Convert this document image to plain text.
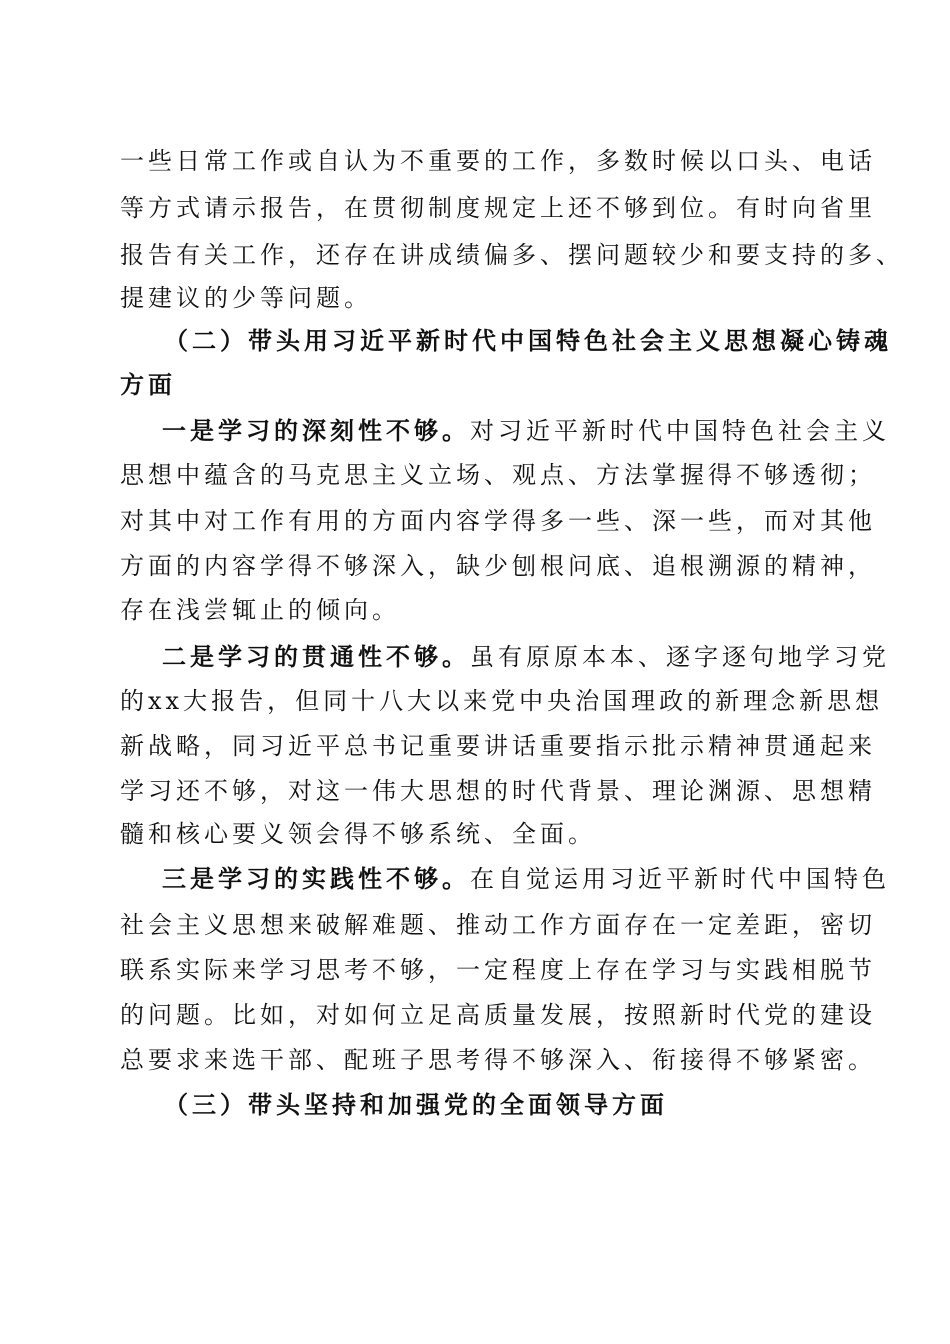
一些日常工作或自认为不重要的工作，多数时候以口头、电话
等方式请示报告，在贯彻制度规定上还不够到位。有时向省里
报告有关工作，还存在讲成绩偏多、摆问题较少和要支持的多、
提建议的少等问题。
（二）带头用习近平新时代中国特色社会主义思想凝心铸魂
方面
一是学习的深刻性不够。对习近平新时代中国特色社会主义
思想中蕴含的马克思主义立场、观点、方法掌握得不够透彻；
对其中对工作有用的方面内容学得多一些、深一些，而对其他
方面的内容学得不够深入，缺少刨根问底、追根溯源的精神，
存在浅尝辄止的倾向。
二是学习的贯通性不够。虽有原原本本、逐字逐句地学习党
的xx大报告，但同十八大以来党中央治国理政的新理念新思想
新战略，同习近平总书记重要讲话重要指示批示精神贯通起来
学习还不够，对这一伟大思想的时代背景、理论渊源、思想精
髓和核心要义领会得不够系统、全面。
三是学习的实践性不够。在自觉运用习近平新时代中国特色
社会主义思想来破解难题、推动工作方面存在一定差距，密切
联系实际来学习思考不够，一定程度上存在学习与实践相脱节
的问题。比如，对如何立足高质量发展，按照新时代党的建设
总要求来选干部、配班子思考得不够深入、衔接得不够紧密。
（三）带头坚持和加强党的全面领导方面
